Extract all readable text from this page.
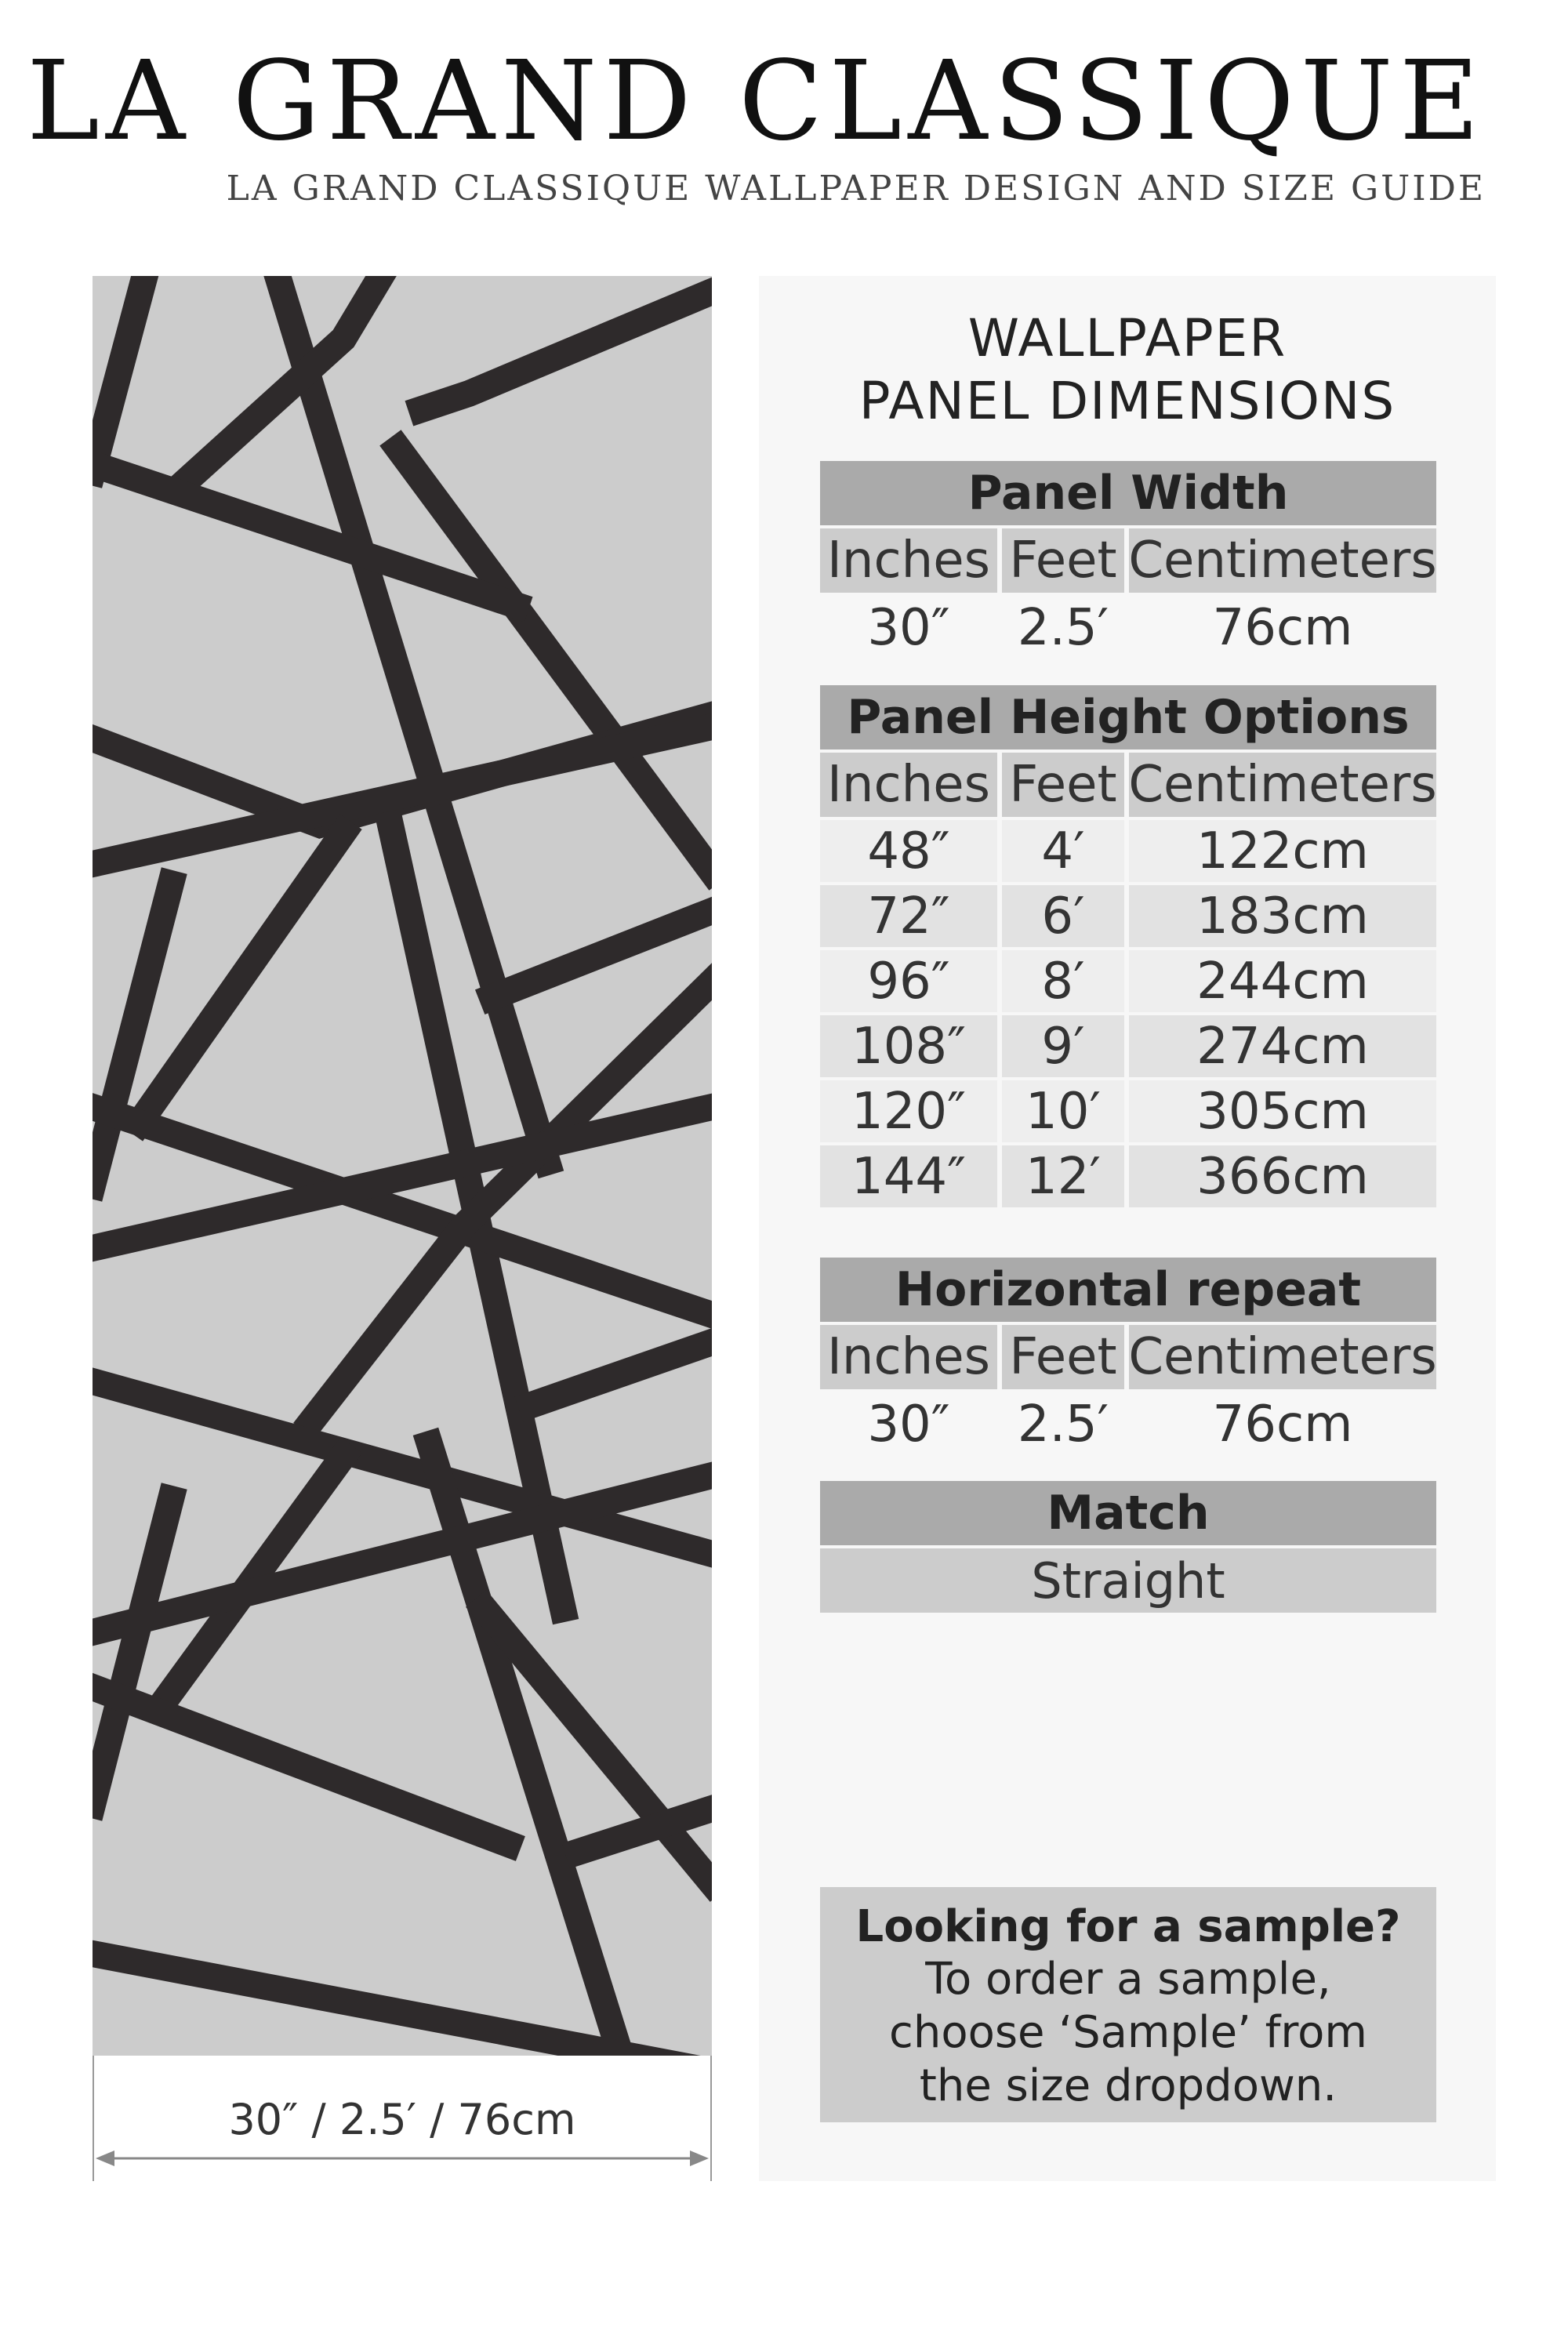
LA GRAND CLASSIQUE

LA GRAND CLASSIQUE WALLPAPER DESIGN AND SIZE GUIDE

30″ / 2.5′ / 76cm
WALLPAPER
PANEL DIMENSIONS
Panel Width
Inches Feet Centimeters
30″	2.5′	76cm
Panel Height Options
Inches Feet Centimeters
48″	4′	122cm
72″	6′	183cm
96″	8′	244cm
108″	9′	274cm
120″	10′	305cm
144″	12′	366cm
Horizontal repeat
Inches Feet Centimeters
30″	2.5′	76cm
Match
Straight
Looking for a sample?
To order a sample,
choose ‘Sample’ from
the size dropdown.
